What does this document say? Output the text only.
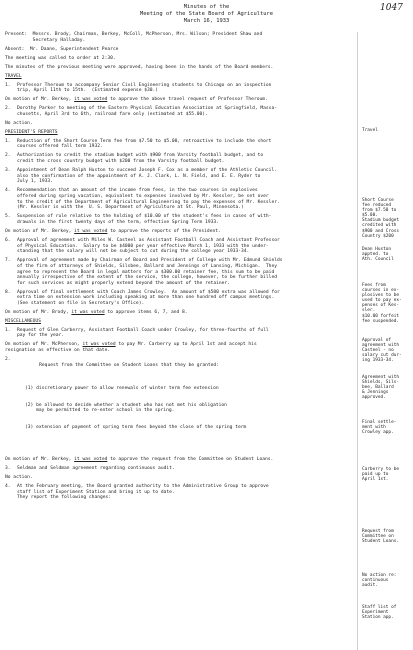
1047
Minutes of the
Meeting of the State Board of Agriculture
March 16, 1933

Present:  Messrs. Brody, Chairman, Berkey, McColl, McPherson, Mrs. Wilson; President Shaw and
Secretary Halladay.

Absent:  Mr. Daane, Superintendent Pearce

The meeting was called to order at 2:30.

The minutes of the previous meeting were approved, having been in the hands of the Board members.

TRAVEL
1.	Professor Theroum to accompany Senior Civil Engineering students to Chicago on an inspection
trip, April 11th to 15th.  (Estimated expense $30.)

On motion of Mr. Berkey, it was voted to approve the above travel request of Professor Theroum.

2.	Dorothy Parker to meeting of the Eastern Physical Education Association at Springfield, Massa-
chusetts, April 3rd to 6th, railroad fare only (estimated at $55.00).

No action.

PRESIDENT'S REPORTS
1.	Reduction of the Short Course Term fee from $7.50 to $5.00, retroactive to include the short
courses offered fall term 1932.
2.	Authorization to credit the stadium budget with $900 from Varsity football budget, and to
credit the cross country budget with $200 from the Varsity football budget.
3.	Appointment of Dean Ralph Huston to succeed Joseph F. Cox as a member of the Athletic Council.
also the confirmation of the appointment of A. J. Clark, L. N. Field, and E. E. Ryder to
July 1, 1933.
4.	Recommendation that an amount of the income from fees, in the two courses in explosives
offered during spring vacation, equivalent to expenses involved by Mr. Kessler, be set over
to the credit of the Department of Agricultural Engineering to pay the expenses of Mr. Kessler.
(Mr. Kessler is with the  U. S. Department of Agriculture at St. Paul, Minnesota.)
5.	Suspension of rule relative to the holding of $10.00 of the student's fees in cases of with-
drawals in the first twenty days of the term, effective Spring Term 1933.

On motion of Mr. Berkey, it was voted to approve the reports of the President.

6.	Approval of agreement with Miles W. Casteel as Assistant Football Coach and Assistant Professor
of Physical Education.  Salary to be $4000 per year effective March 1, 1933 with the under-
standing that the salary will not be subject to cut during the college year 1933-34.
7.	Approval of agreement made by Chairman of Board and President of College with Mr. Edmund Shields
of the firm of attorneys of Shields, Silsbee, Ballard and Jennings of Lansing, Michigan.  They
agree to represent the Board in legal matters for a $300.00 retainer fee, this sum to be paid
annually irrespective of the extent of the service, the college, however, to be further billed
for such services as might properly extend beyond the amount of the retainer.
8.	Approval of final settlement with Coach James Crowley.  An amount of $500 extra was allowed for
extra time on extension work including speaking at more than one hundred off campus meetings.
(See statement on file in Secretary's Office).

On motion of Mr. Brody, it was voted to approve items 6, 7, and 8.

MISCELLANEOUS
1.	Request of Glen Carberry, Assistant Football Coach under Crowley, for three-fourths of full
pay for the year.

On motion of Mr. McPherson, it was voted to pay Mr. Carberry up to April 1st and accept his
resignation as effective on that date.

2.

Request from the Committee on Student Loans that they be granted:

(1) discretionary power to allow renewals of winter term fee extension

(2) be allowed to decide whether a student who has not met his obligation
may be permitted to re-enter school in the spring.

(3) extension of payment of spring term fees beyond the close of the spring term

On motion of Mr. Berkey, it was voted to approve the request from the Committee on Student Loans.

3.	Seldman and Seldman agreement regarding continuous audit.

No action.

4.	At the February meeting, the Board granted authority to the Administrative Group to approve
staff list of Experiment Station and bring it up to date.
They report the following changes:
Travel
Short Course
fee reduced
from $7.50 to
$5.00.
Stadium budget
credited with
$900 and Cross
Country $200
Dean Huston
appted. to
Ath. Council
Fees from
courses in ex-
plosives to be
used to pay ex-
penses of Kes-
sler.
$10.00 forfeit
fee suspended.
Approval of
agreement with
Casteel - no
salary cut dur-
ing 1933-34.
Agreement with
Shields, Sils-
bee, Ballard
& Jennings
approved.
Final settle-
ment with
Crowley app.
Carberry to be
paid up to
April 1st.
Request from
Committee on
Student Loans.
No action re:
continuous
audit.
Staff list of
Experiment
Station app.
